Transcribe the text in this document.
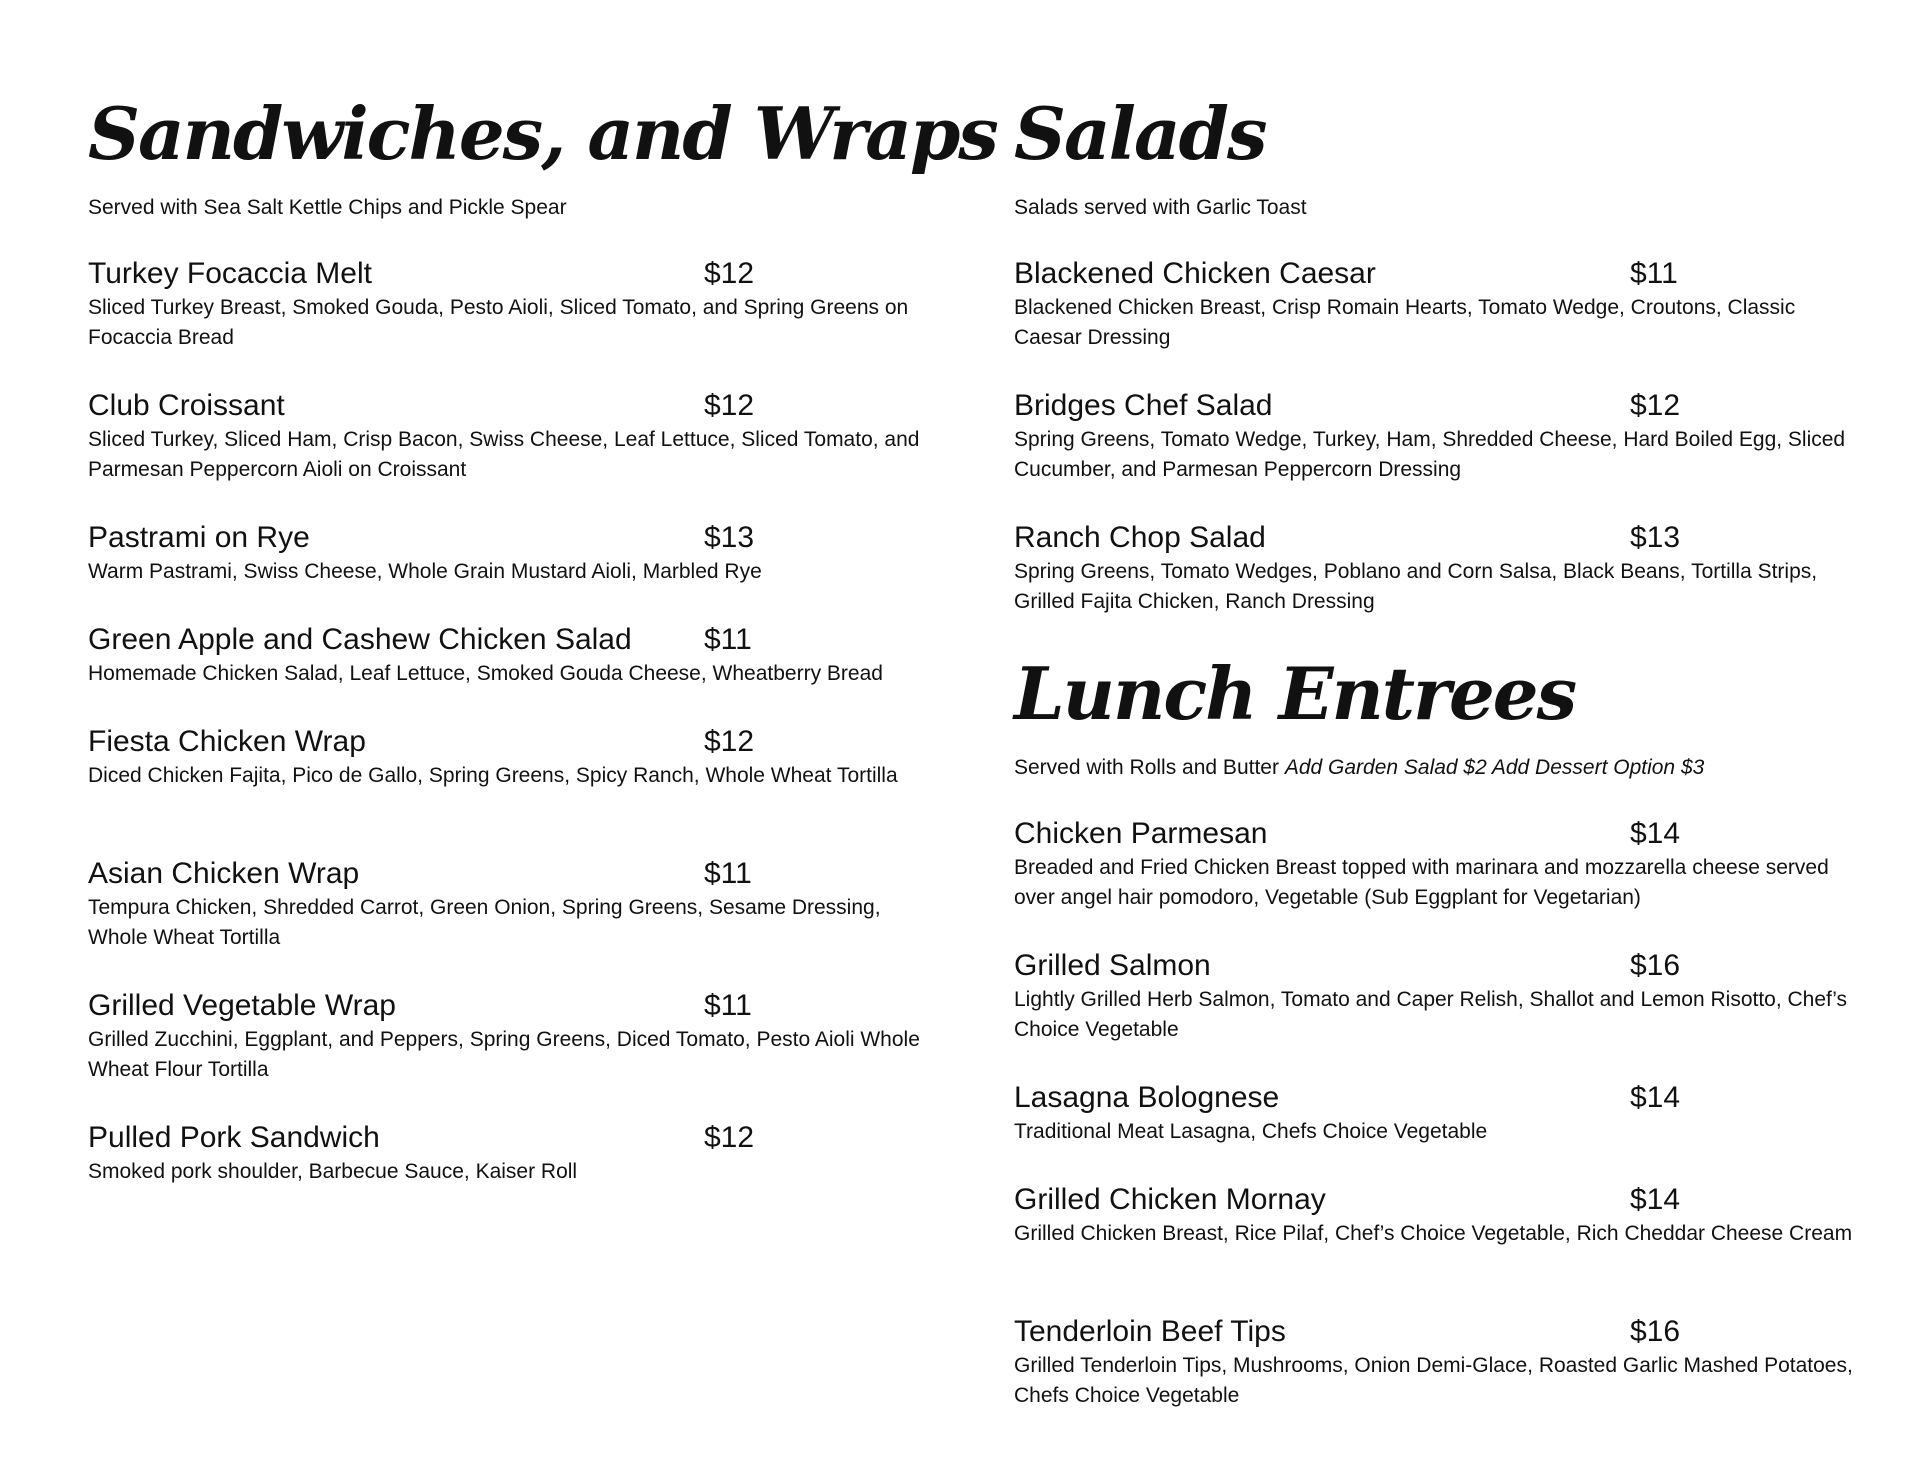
Sandwiches, and Wraps
Served with Sea Salt Kettle Chips and Pickle Spear
Turkey Focaccia Melt	$12
Sliced Turkey Breast, Smoked Gouda, Pesto Aioli, Sliced Tomato, and Spring Greens on Focaccia Bread
Club Croissant	$12
Sliced Turkey, Sliced Ham, Crisp Bacon, Swiss Cheese, Leaf Lettuce, Sliced Tomato, and Parmesan Peppercorn Aioli on Croissant
Pastrami on Rye	$13
Warm Pastrami, Swiss Cheese, Whole Grain Mustard Aioli, Marbled Rye
Green Apple and Cashew Chicken Salad $11
Homemade Chicken Salad, Leaf Lettuce, Smoked Gouda Cheese, Wheatberry Bread
Fiesta Chicken Wrap	$12
Diced Chicken Fajita, Pico de Gallo, Spring Greens, Spicy Ranch, Whole Wheat Tortilla
Asian Chicken Wrap	$11
Tempura Chicken, Shredded Carrot, Green Onion, Spring Greens, Sesame Dressing, Whole Wheat Tortilla
Grilled Vegetable Wrap	$11
Grilled Zucchini, Eggplant, and Peppers, Spring Greens, Diced Tomato, Pesto Aioli Whole Wheat Flour Tortilla
Pulled Pork Sandwich	$12
Smoked pork shoulder, Barbecue Sauce, Kaiser Roll
Salads
Salads served with Garlic Toast
Blackened Chicken Caesar	$11
Blackened Chicken Breast, Crisp Romain Hearts, Tomato Wedge, Croutons, Classic Caesar Dressing
Bridges Chef Salad	$12
Spring Greens, Tomato Wedge, Turkey, Ham, Shredded Cheese, Hard Boiled Egg, Sliced Cucumber, and Parmesan Peppercorn Dressing
Ranch Chop Salad	$13
Spring Greens, Tomato Wedges, Poblano and Corn Salsa, Black Beans, Tortilla Strips, Grilled Fajita Chicken, Ranch Dressing
Lunch Entrees
Served with Rolls and Butter Add Garden Salad $2 Add Dessert Option $3
Chicken Parmesan	$14
Breaded and Fried Chicken Breast topped with marinara and mozzarella cheese served over angel hair pomodoro, Vegetable (Sub Eggplant for Vegetarian)
Grilled Salmon	$16
Lightly Grilled Herb Salmon, Tomato and Caper Relish, Shallot and Lemon Risotto, Chef’s Choice Vegetable
Lasagna Bolognese	$14
Traditional Meat Lasagna, Chefs Choice Vegetable
Grilled Chicken Mornay	$14
Grilled Chicken Breast, Rice Pilaf, Chef’s Choice Vegetable, Rich Cheddar Cheese Cream
Tenderloin Beef Tips	$16
Grilled Tenderloin Tips, Mushrooms, Onion Demi-Glace, Roasted Garlic Mashed Potatoes, Chefs Choice Vegetable
